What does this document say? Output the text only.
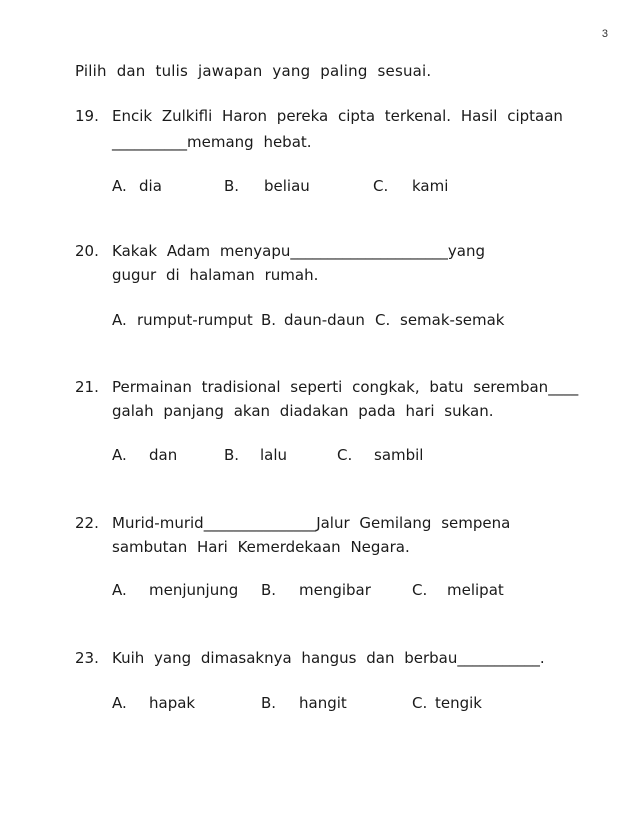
3
Pilih dan tulis jawapan yang paling sesuai.
19. Encik Zulkifli Haron pereka cipta terkenal. Hasil ciptaan
__________memang hebat.
A. dia	B. beliau	C. kami
20. Kakak Adam menyapu_____________________yang
gugur di halaman rumah.
A. rumput-rumput B. daun-daun C. semak-semak
21. Permainan tradisional seperti congkak, batu seremban____
galah panjang akan diadakan pada hari sukan.
A. dan	B. lalu	C. sambil
22. Murid-murid_______________Jalur Gemilang sempena
sambutan Hari Kemerdekaan Negara.
A. menjunjung B. mengibar	C. melipat
23. Kuih yang dimasaknya hangus dan berbau___________.
A. hapak	B. hangit	C. tengik
